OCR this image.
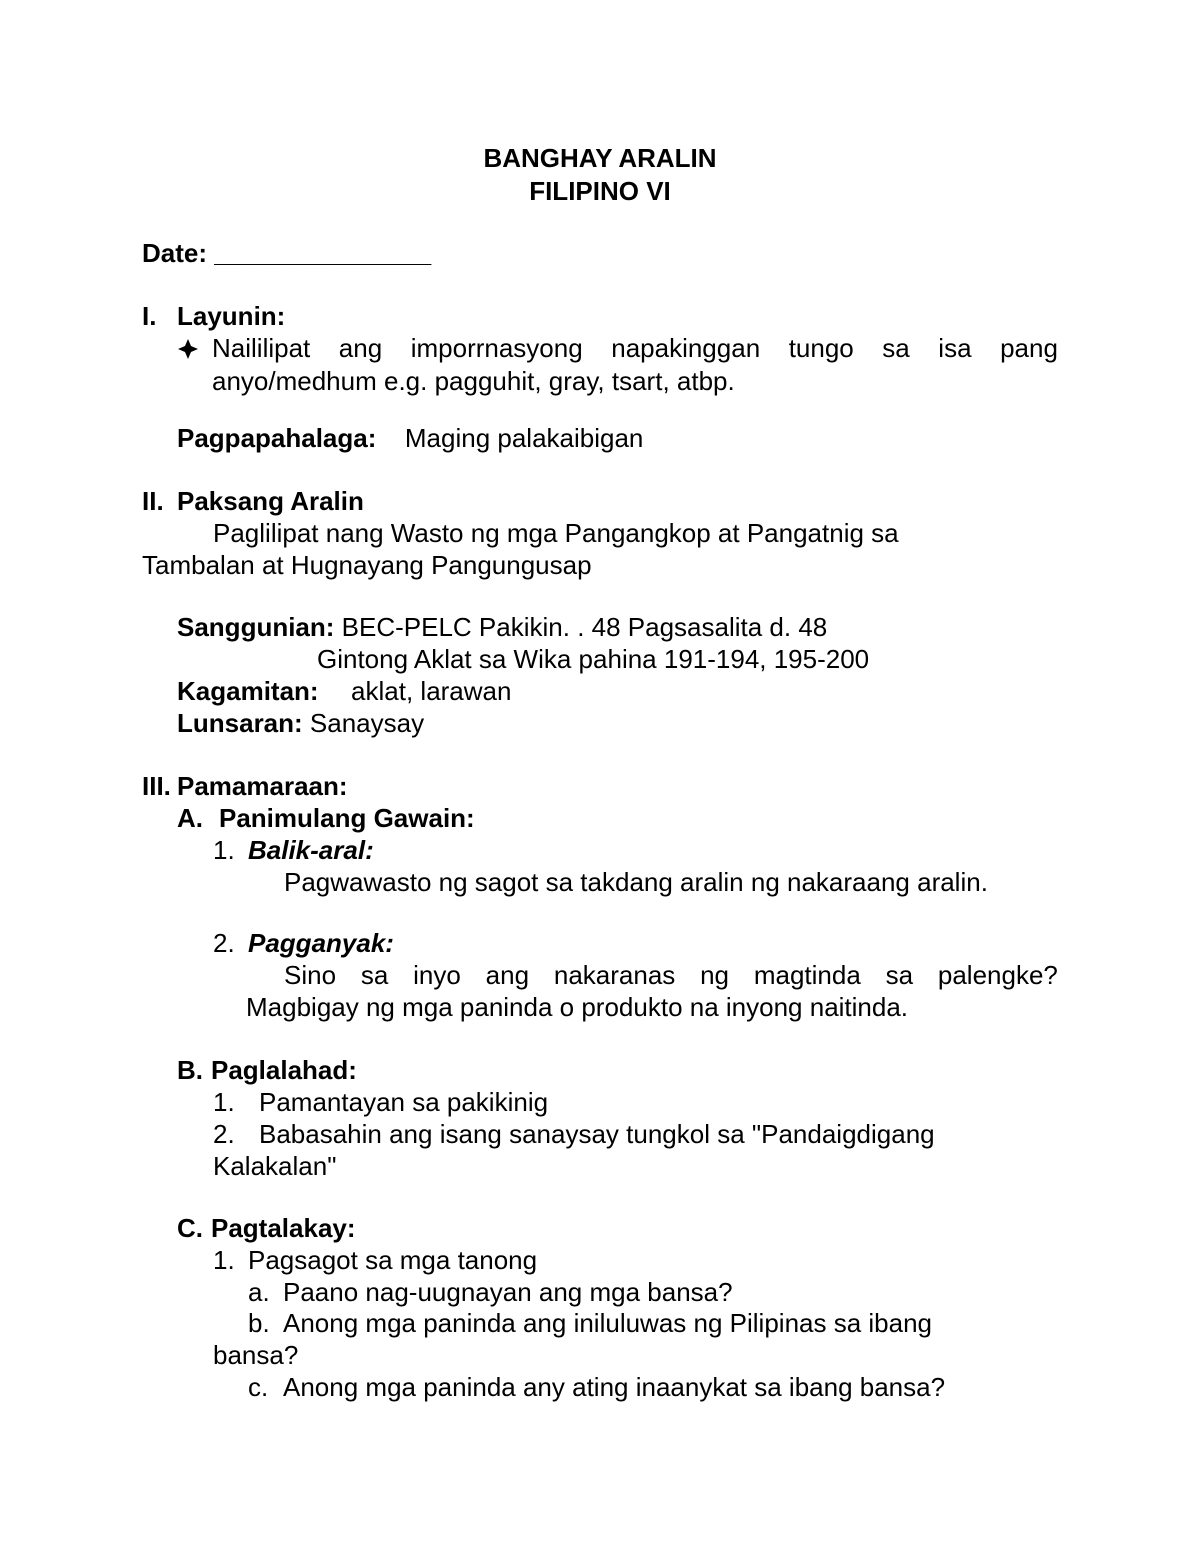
BANGHAY ARALIN
FILIPINO VI
Date: _______________
I. Layunin:
Naililipat ang imporrnasyong napakinggan tungo sa isa pang
anyo/medhum e.g. pagguhit, gray, tsart, atbp.
Pagpapahalaga: Maging palakaibigan
II. Paksang Aralin
Paglilipat nang Wasto ng mga Pangangkop at Pangatnig sa
Tambalan at Hugnayang Pangungusap
Sanggunian: BEC-PELC Pakikin. . 48 Pagsasalita d. 48
Gintong Aklat sa Wika pahina 191-194, 195-200
Kagamitan: aklat, larawan
Lunsaran: Sanaysay
III. Pamamaraan:
A. Panimulang Gawain:
1. Balik-aral:
Pagwawasto ng sagot sa takdang aralin ng nakaraang aralin.
2. Pagganyak:
Sino sa inyo ang nakaranas ng magtinda sa palengke?
Magbigay ng mga paninda o produkto na inyong naitinda.
B. Paglalahad:
1. Pamantayan sa pakikinig
2. Babasahin ang isang sanaysay tungkol sa "Pandaigdigang
Kalakalan"
C. Pagtalakay:
1. Pagsagot sa mga tanong
a. Paano nag-uugnayan ang mga bansa?
b. Anong mga paninda ang iniluluwas ng Pilipinas sa ibang
bansa?
c. Anong mga paninda any ating inaanykat sa ibang bansa?
